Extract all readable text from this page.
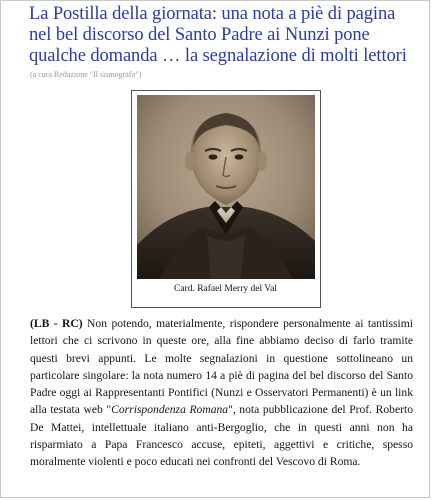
La Postilla della giornata: una nota a piè di pagina nel bel discorso del Santo Padre ai Nunzi pone qualche domanda … la segnalazione di molti lettori
(a cura Redazione "Il sismografo")
Card. Rafael Merry del Val

(LB - RC) Non potendo, materialmente, rispondere personalmente ai tantissimi lettori che ci scrivono in queste ore, alla fine abbiamo deciso di farlo tramite questi brevi appunti. Le molte segnalazioni in questione sottolineano un particolare singolare: la nota numero 14 a piè di pagina del bel discorso del Santo Padre oggi ai Rappresentanti Pontifici (Nunzi e Osservatori Permanenti) è un link alla testata web "Corrispondenza Romana", nota pubblicazione del Prof. Roberto De Mattei, intellettuale italiano anti-Bergoglio, che in questi anni non ha risparmiato a Papa Francesco accuse, epiteti, aggettivi e critiche, spesso moralmente violenti e poco educati nei confronti del Vescovo di Roma.
